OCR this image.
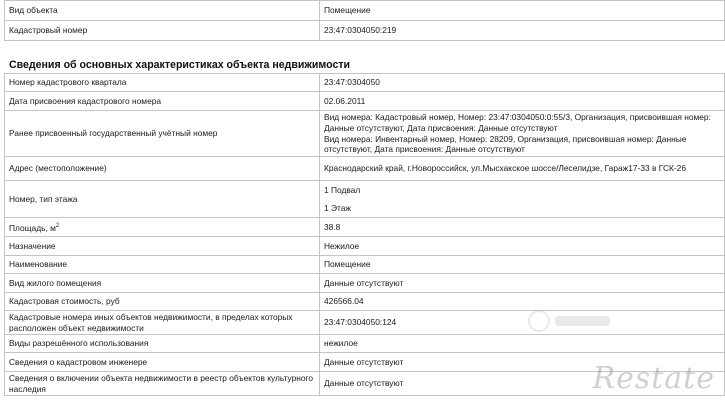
Вид объекта	Помещение
Кадастровый номер	23:47:0304050:219
Сведения об основных характеристиках объекта недвижимости
Номер кадастрового квартала	23:47:0304050
Дата присвоения кадастрового номера	02.06.2011
Ранее присвоенный государственный учётный номер	Вид номера: Кадастровый номер, Номер: 23:47:0304050:0:55/3, Организация, присвоившая номер: Данные отсутствуют, Дата присвоения: Данные отсутствуют
Вид номера: Инвентарный номер, Номер: 28209, Организация, присвоившая номер: Данные отсутствуют, Дата присвоения: Данные отсутствуют

Адрес (местоположение)	Краснодарский край, г.Новороссийск, ул.Мысхакское шоссе/Леселидзе, Гараж17-33 в ГСК-26
Номер, тип этажа	1 Подвал
1 Этаж

Площадь, $м^2$	38.8
Назначение	Нежилое
Наименование	Помещение
Вид жилого помещения	Данные отсутствуют
Кадастровая стоимость, руб	426566.04
Кадастровые номера иных объектов недвижимости, в пределах которых расположен объект недвижимости	23:47:0304050:124
Виды разрешённого использования	нежилое
Сведения о кадастровом инженере	Данные отсутствуют
Сведения о включении объекта недвижимости в реестр объектов культурного наследия	Данные отсутствуют	Restate
